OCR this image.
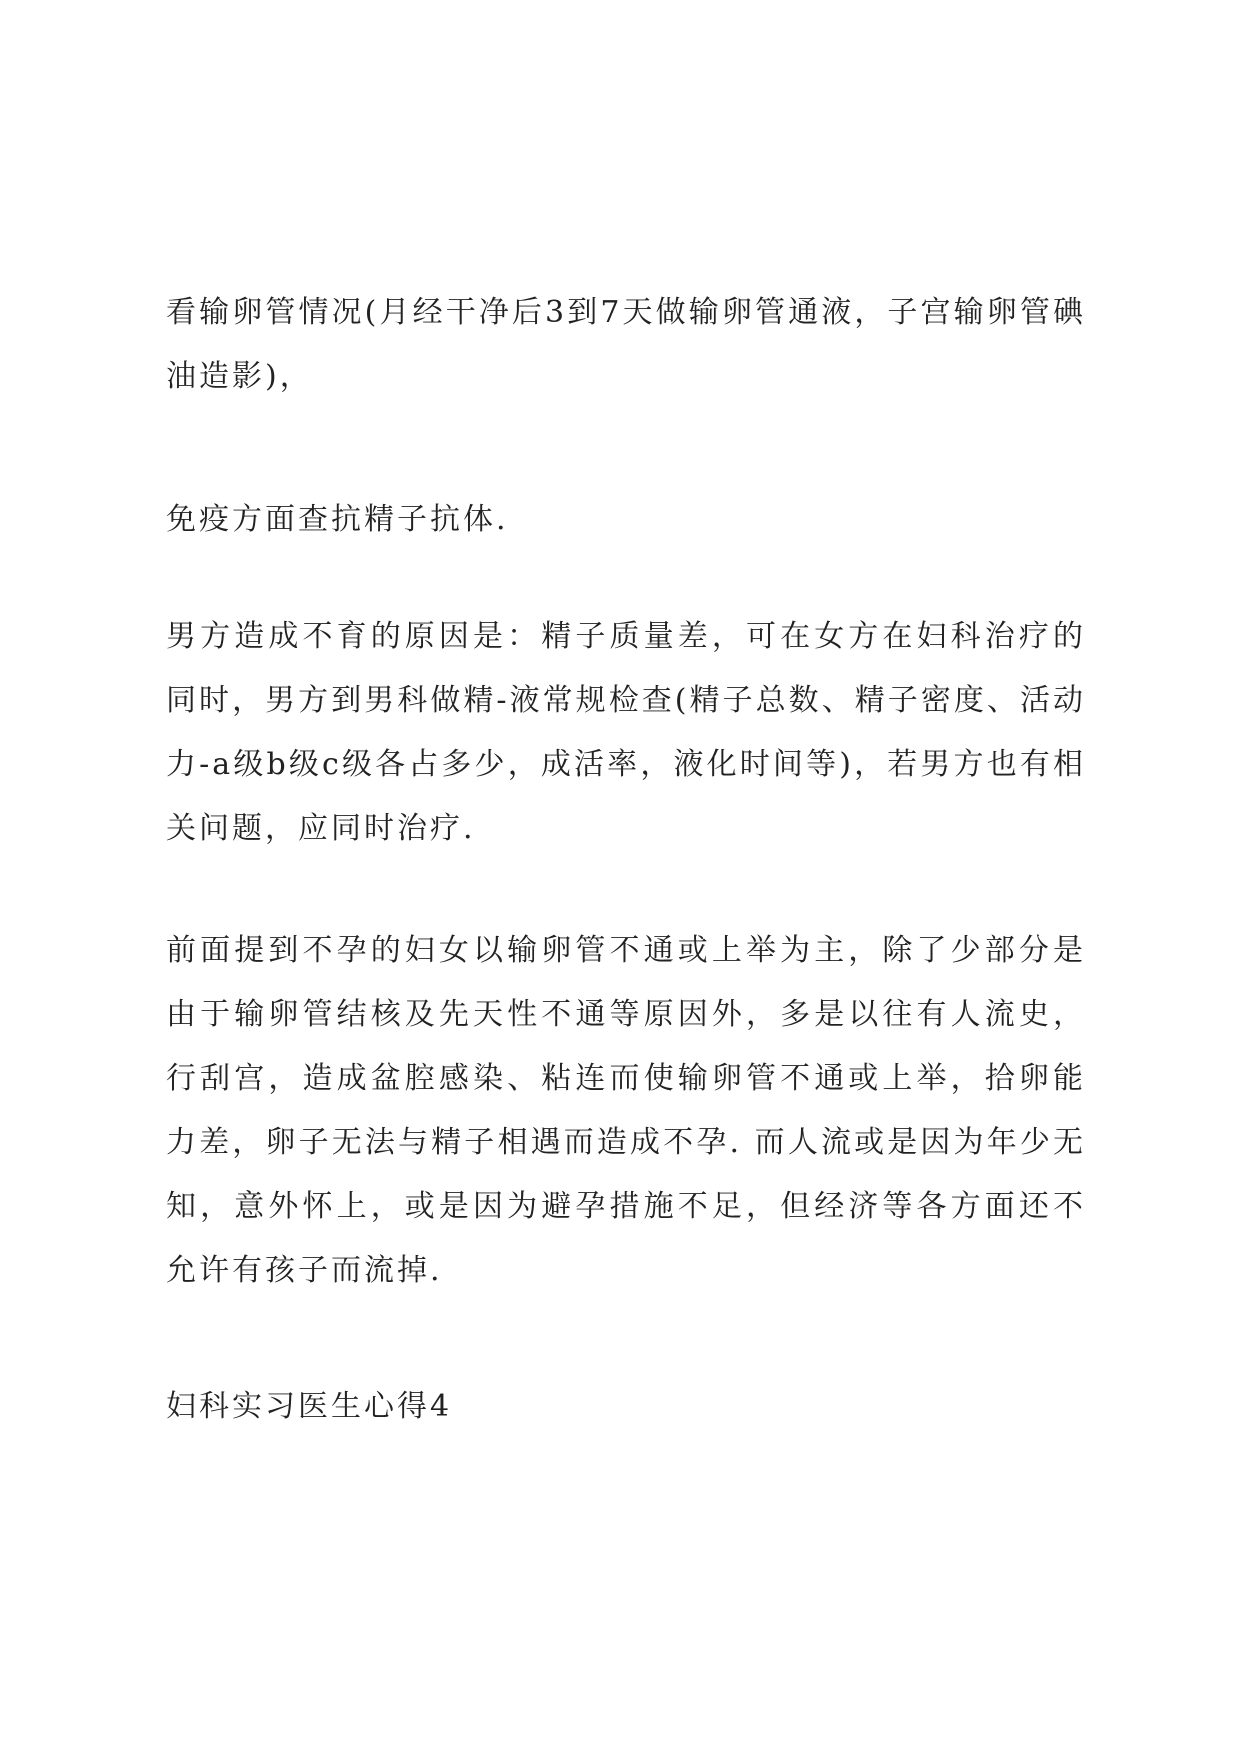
看输卵管情况(月经干净后3到7天做输卵管通液，子宫输卵管碘油造影)，

免疫方面查抗精子抗体.

男方造成不育的原因是：精子质量差，可在女方在妇科治疗的同时，男方到男科做精-液常规检查(精子总数、精子密度、活动力-a级b级c级各占多少，成活率，液化时间等)，若男方也有相关问题，应同时治疗.

前面提到不孕的妇女以输卵管不通或上举为主，除了少部分是由于输卵管结核及先天性不通等原因外，多是以往有人流史，行刮宫，造成盆腔感染、粘连而使输卵管不通或上举，拾卵能力差，卵子无法与精子相遇而造成不孕. 而人流或是因为年少无知，意外怀上，或是因为避孕措施不足，但经济等各方面还不允许有孩子而流掉.

妇科实习医生心得4
